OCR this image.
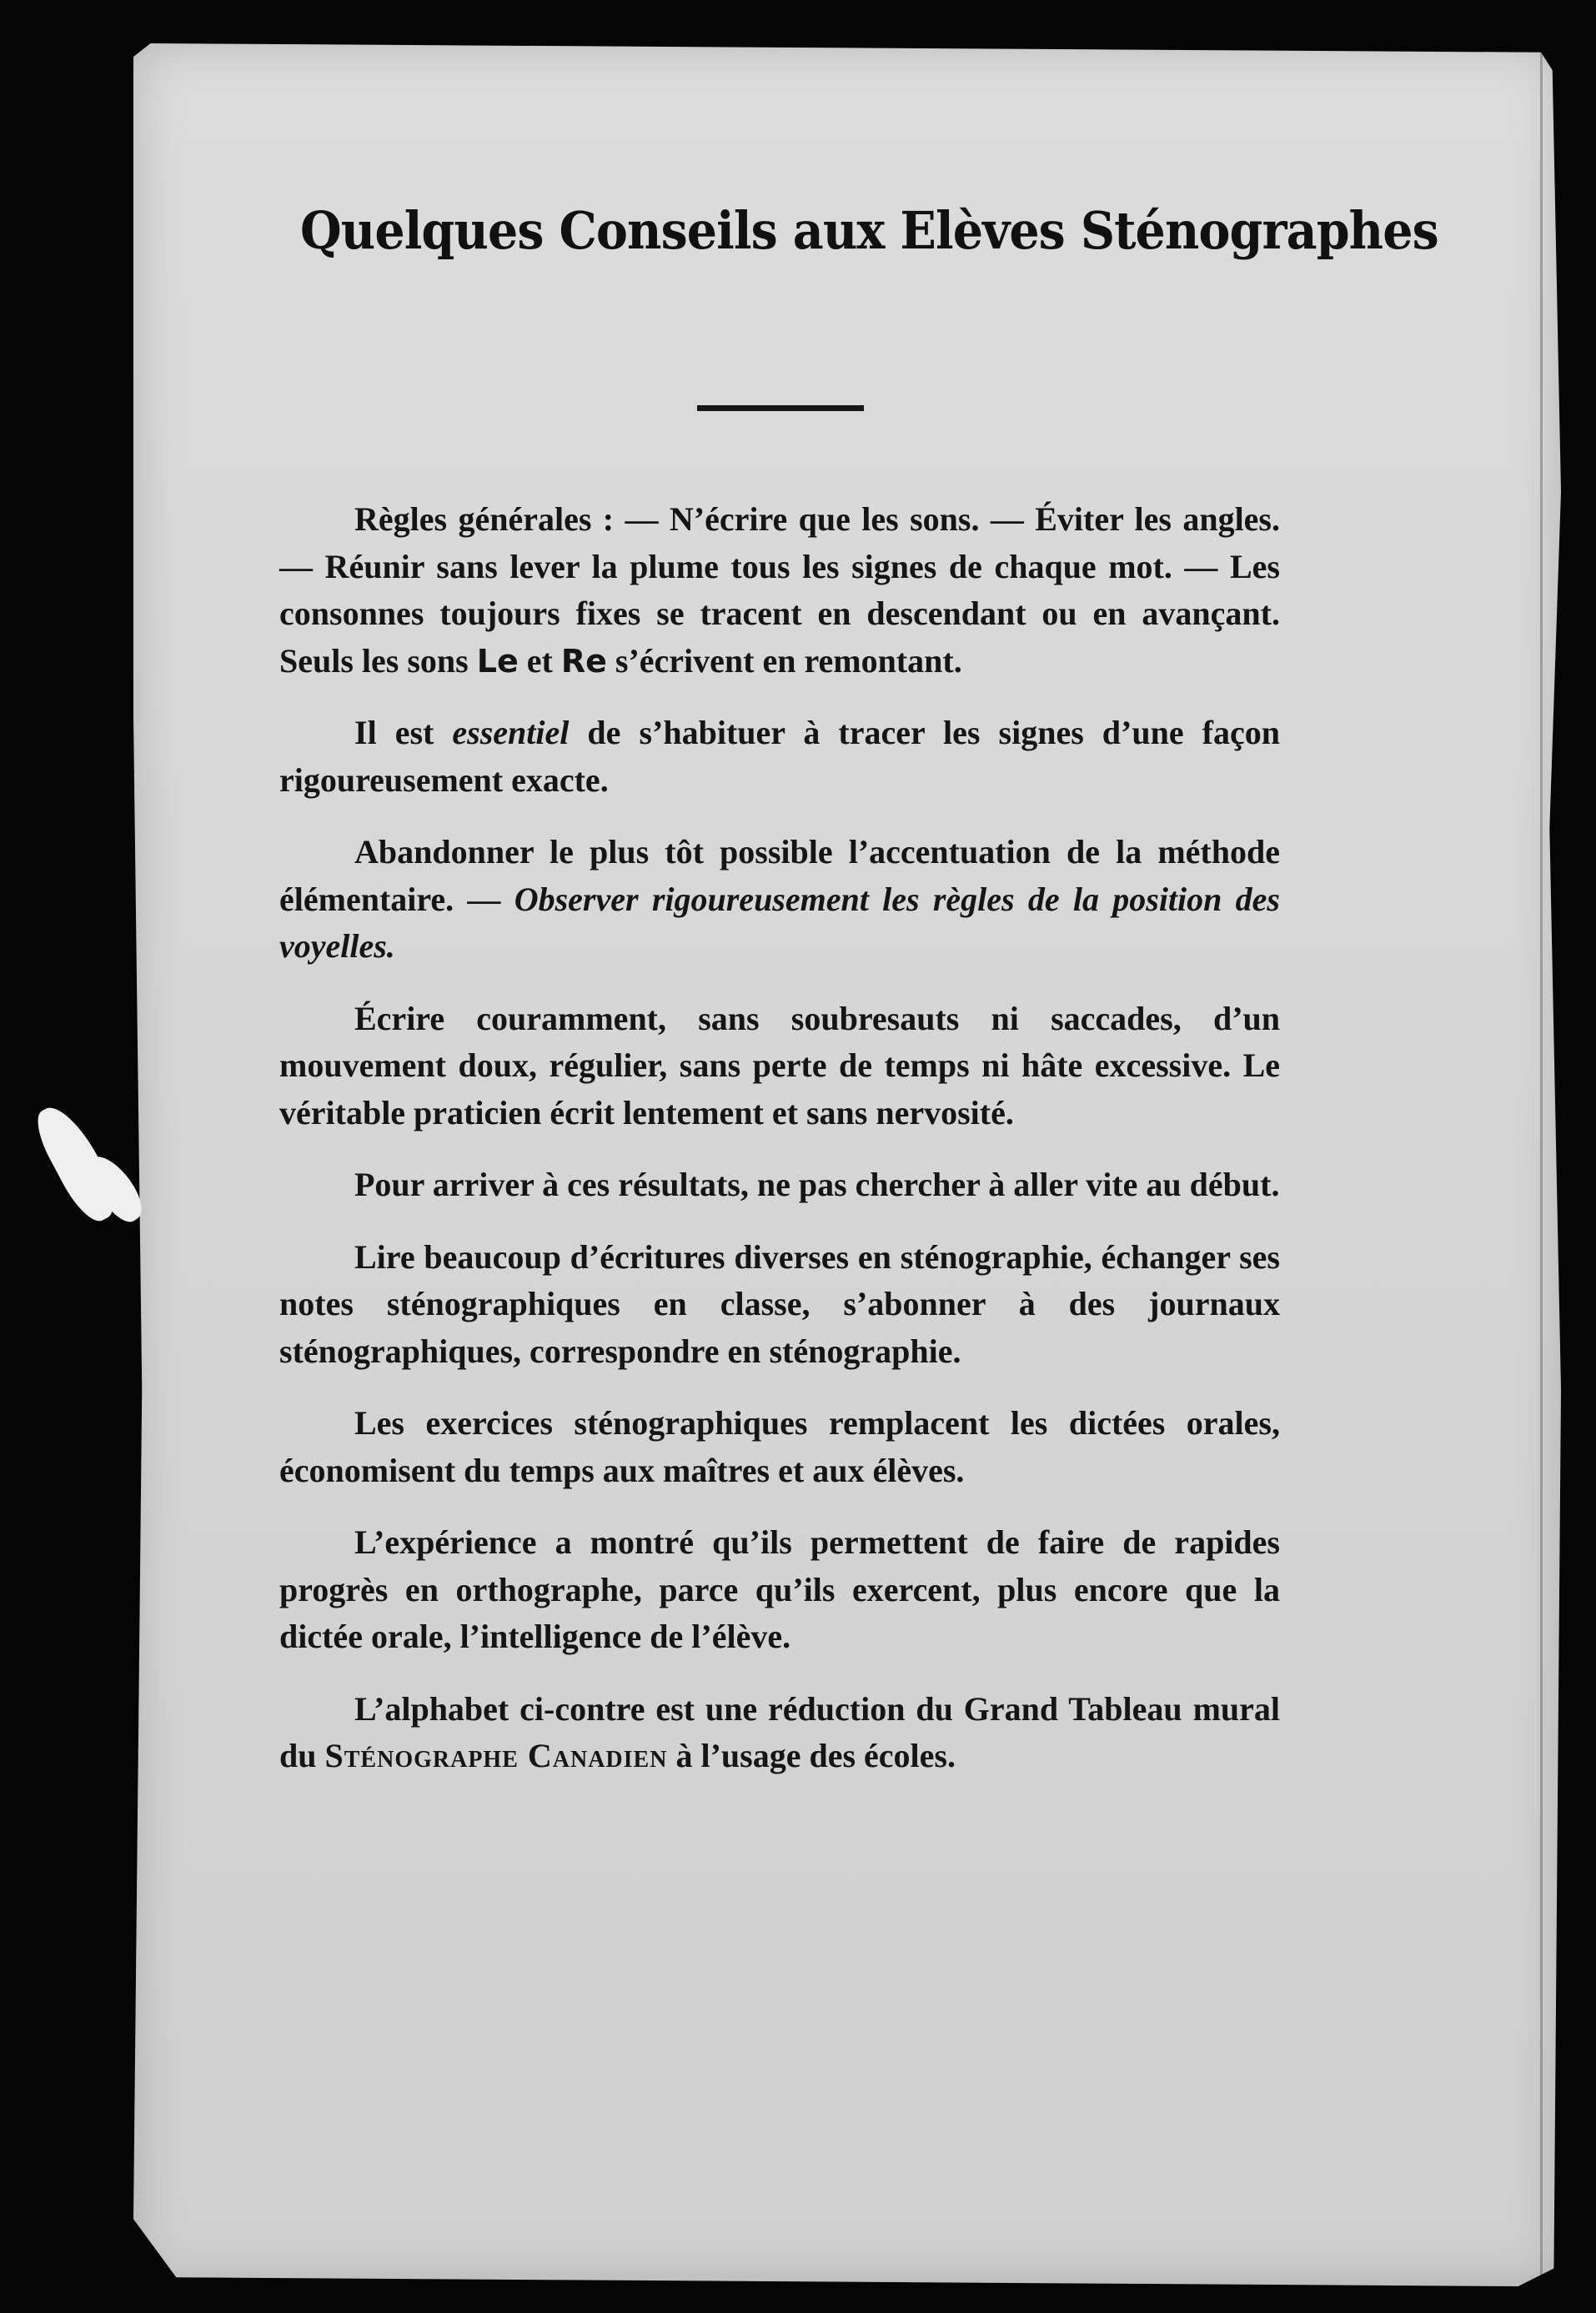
Quelques Conseils aux Elèves Sténographes

Règles générales : — N’écrire que les sons. — Éviter les angles. — Réunir sans lever la plume tous les signes de chaque mot. — Les consonnes toujours fixes se tracent en descendant ou en avançant. Seuls les sons Le et Re s’écrivent en remontant.

Il est essentiel de s’habituer à tracer les signes d’une façon rigoureusement exacte.

Abandonner le plus tôt possible l’accentuation de la méthode élémentaire. — Observer rigoureusement les règles de la position des voyelles.

Écrire couramment, sans soubresauts ni saccades, d’un mouvement doux, régulier, sans perte de temps ni hâte excessive. Le véritable praticien écrit lentement et sans nervosité.

Pour arriver à ces résultats, ne pas chercher à aller vite au début.

Lire beaucoup d’écritures diverses en sténographie, échanger ses notes sténographiques en classe, s’abonner à des journaux sténographiques, correspondre en sténographie.

Les exercices sténographiques remplacent les dictées orales, économisent du temps aux maîtres et aux élèves.

L’expérience a montré qu’ils permettent de faire de rapides progrès en orthographe, parce qu’ils exercent, plus encore que la dictée orale, l’intelligence de l’élève.

L’alphabet ci-contre est une réduction du Grand Tableau mural du Sténographe Canadien à l’usage des écoles.
